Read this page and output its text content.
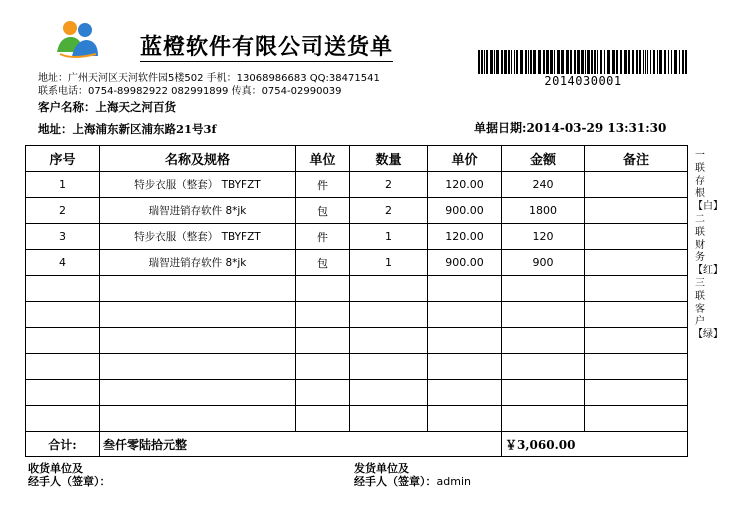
蓝橙软件有限公司送货单
2014030001
地址：广州天河区天河软件园5楼502 手机：13068986683 QQ:38471541
联系电话：0754-89982922 082991899 传真：0754-02990039
客户名称：上海天之河百货
地址：上海浦东新区浦东路21号3f	单据日期:2014-03-29 13:31:30
序号	名称及规格	单位	数量	单价	金额	备注
1	特步衣服（整套） TBYFZT	件	2	120.00	240	
2	瑞智进销存软件 8*jk	包	2	900.00	1800	
3	特步衣服（整套） TBYFZT	件	1	120.00	120	
4	瑞智进销存软件 8*jk	包	1	900.00	900	

合计:	叁仟零陆拾元整				￥3,060.00	
一联存根【白】二联财务【红】三联客户【绿】
收货单位及
经手人（签章）：
发货单位及
经手人（签章）：admin
